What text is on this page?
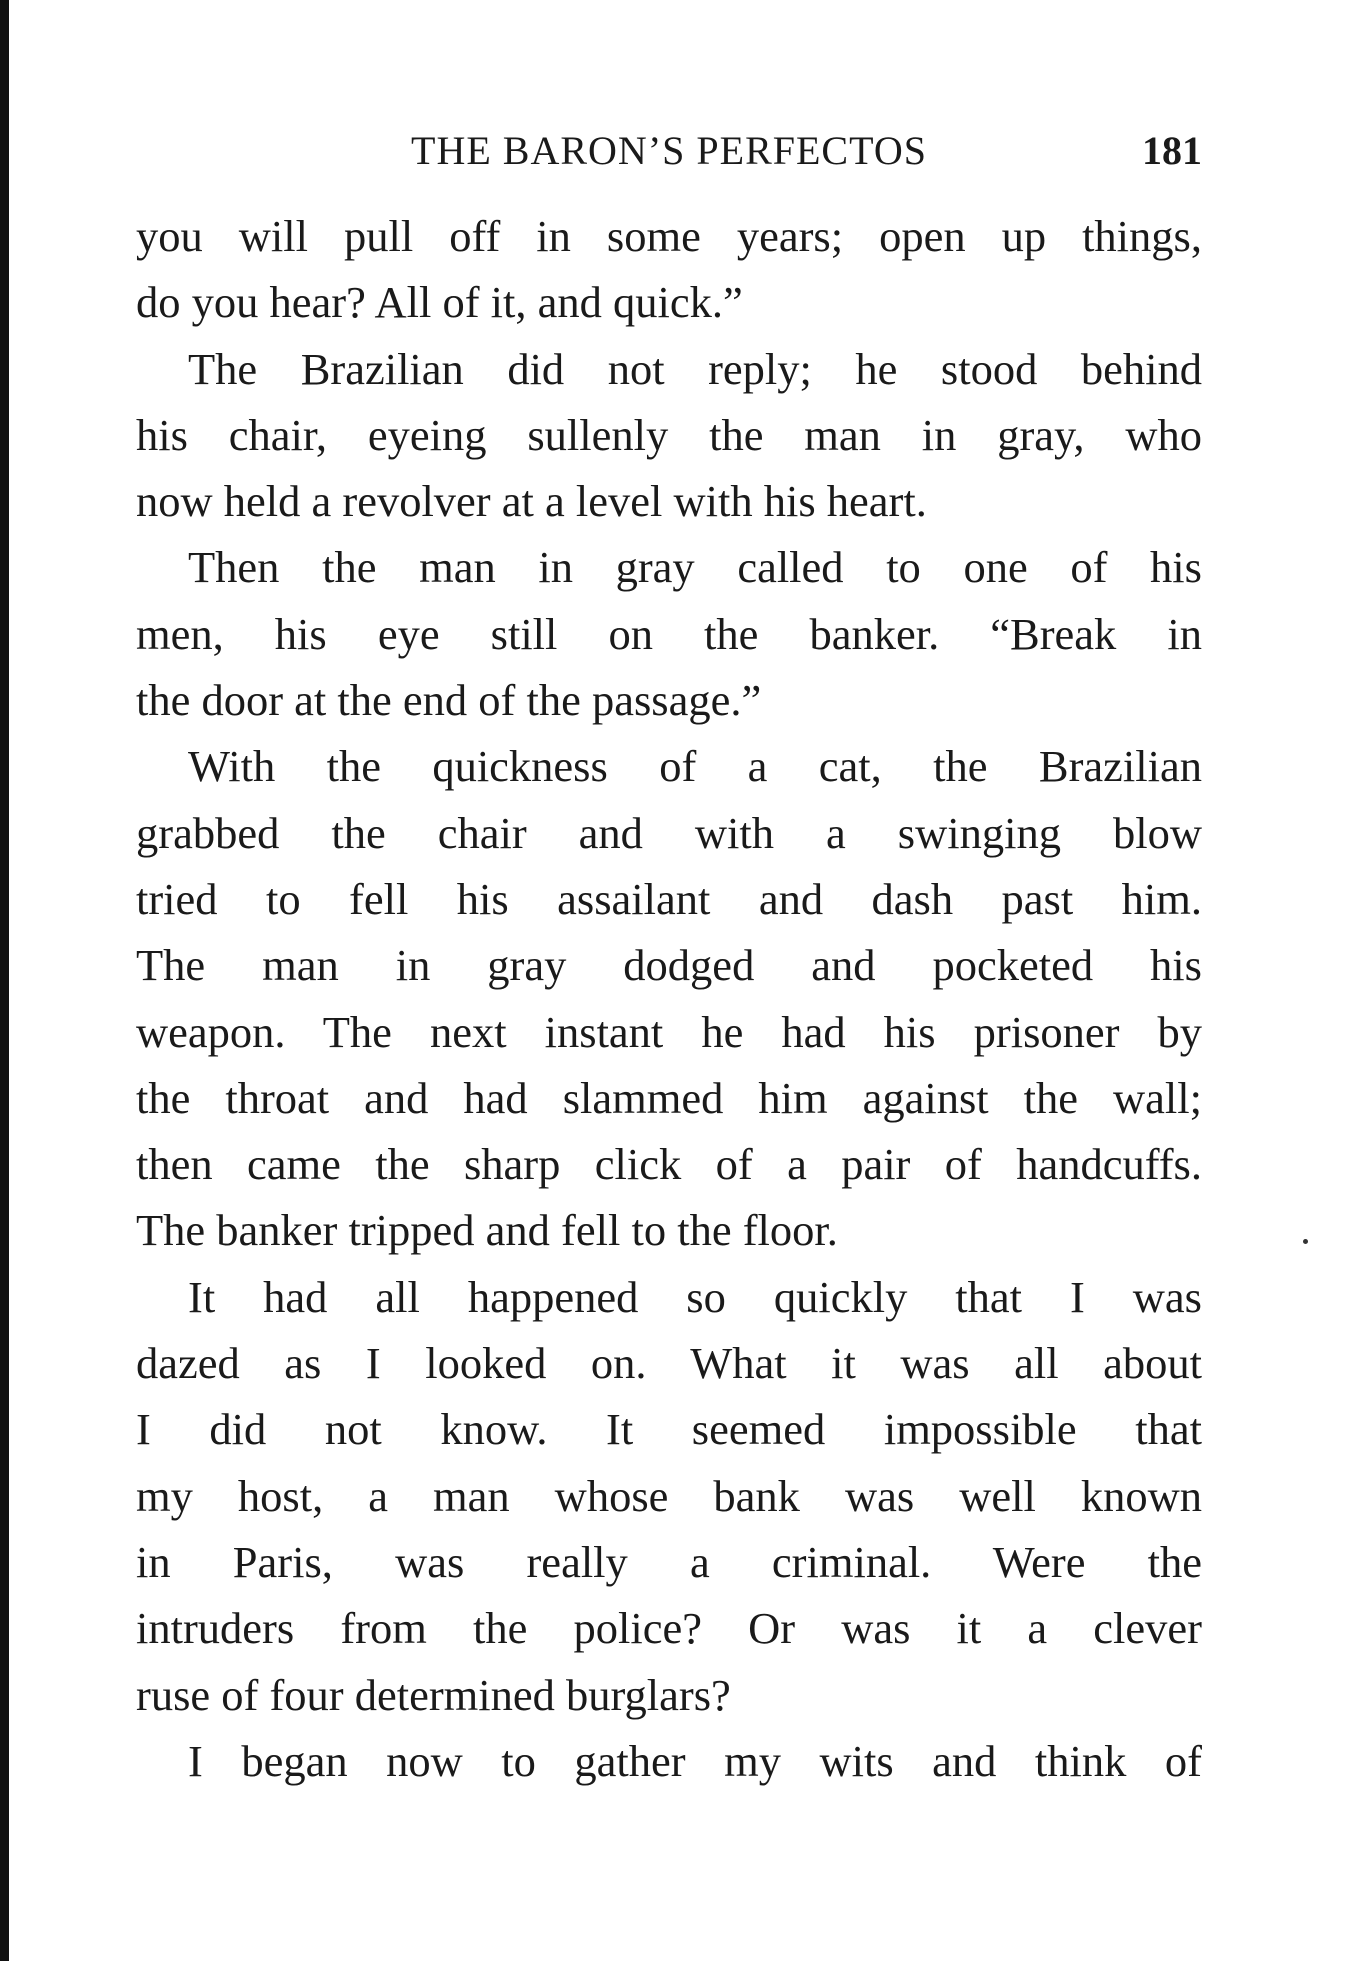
THE BARON’S PERFECTOS	181
you will pull off in some years; open up things,
do you hear? All of it, and quick.”
The Brazilian did not reply; he stood behind
his chair, eyeing sullenly the man in gray, who
now held a revolver at a level with his heart.
Then the man in gray called to one of his
men, his eye still on the banker. “Break in
the door at the end of the passage.”
With the quickness of a cat, the Brazilian
grabbed the chair and with a swinging blow
tried to fell his assailant and dash past him.
The man in gray dodged and pocketed his
weapon. The next instant he had his prisoner by
the throat and had slammed him against the wall;
then came the sharp click of a pair of handcuffs.
The banker tripped and fell to the floor.
It had all happened so quickly that I was
dazed as I looked on. What it was all about
I did not know. It seemed impossible that
my host, a man whose bank was well known
in Paris, was really a criminal. Were the
intruders from the police? Or was it a clever
ruse of four determined burglars?
I began now to gather my wits and think of
